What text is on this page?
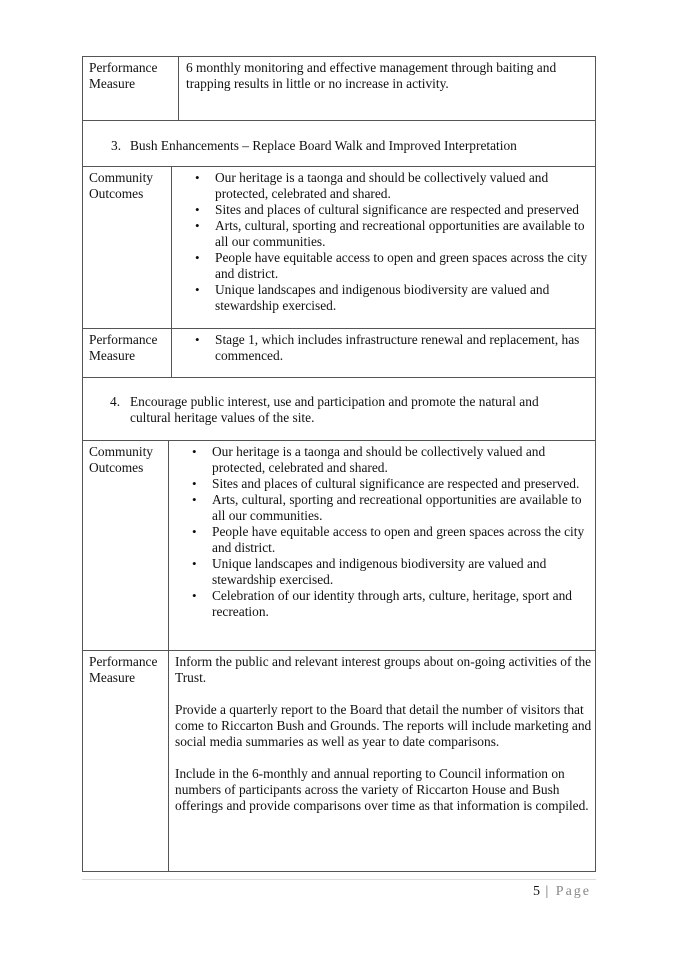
Performance Measure
6 monthly monitoring and effective management through baiting and trapping results in little or no increase in activity.
3. Bush Enhancements – Replace Board Walk and Improved Interpretation
Community Outcomes
• Our heritage is a taonga and should be collectively valued and protected, celebrated and shared.
• Sites and places of cultural significance are respected and preserved
• Arts, cultural, sporting and recreational opportunities are available to all our communities.
• People have equitable access to open and green spaces across the city and district.
• Unique landscapes and indigenous biodiversity are valued and stewardship exercised.
Performance Measure
• Stage 1, which includes infrastructure renewal and replacement, has commenced.
4. Encourage public interest, use and participation and promote the natural and cultural heritage values of the site.
Community Outcomes
• Our heritage is a taonga and should be collectively valued and protected, celebrated and shared.
• Sites and places of cultural significance are respected and preserved.
• Arts, cultural, sporting and recreational opportunities are available to all our communities.
• People have equitable access to open and green spaces across the city and district.
• Unique landscapes and indigenous biodiversity are valued and stewardship exercised.
• Celebration of our identity through arts, culture, heritage, sport and recreation.
Performance Measure

Inform the public and relevant interest groups about on-going activities of the Trust.

Provide a quarterly report to the Board that detail the number of visitors that come to Riccarton Bush and Grounds. The reports will include marketing and social media summaries as well as year to date comparisons.

Include in the 6-monthly and annual reporting to Council information on numbers of participants across the variety of Riccarton House and Bush offerings and provide comparisons over time as that information is compiled.

5 | Page
